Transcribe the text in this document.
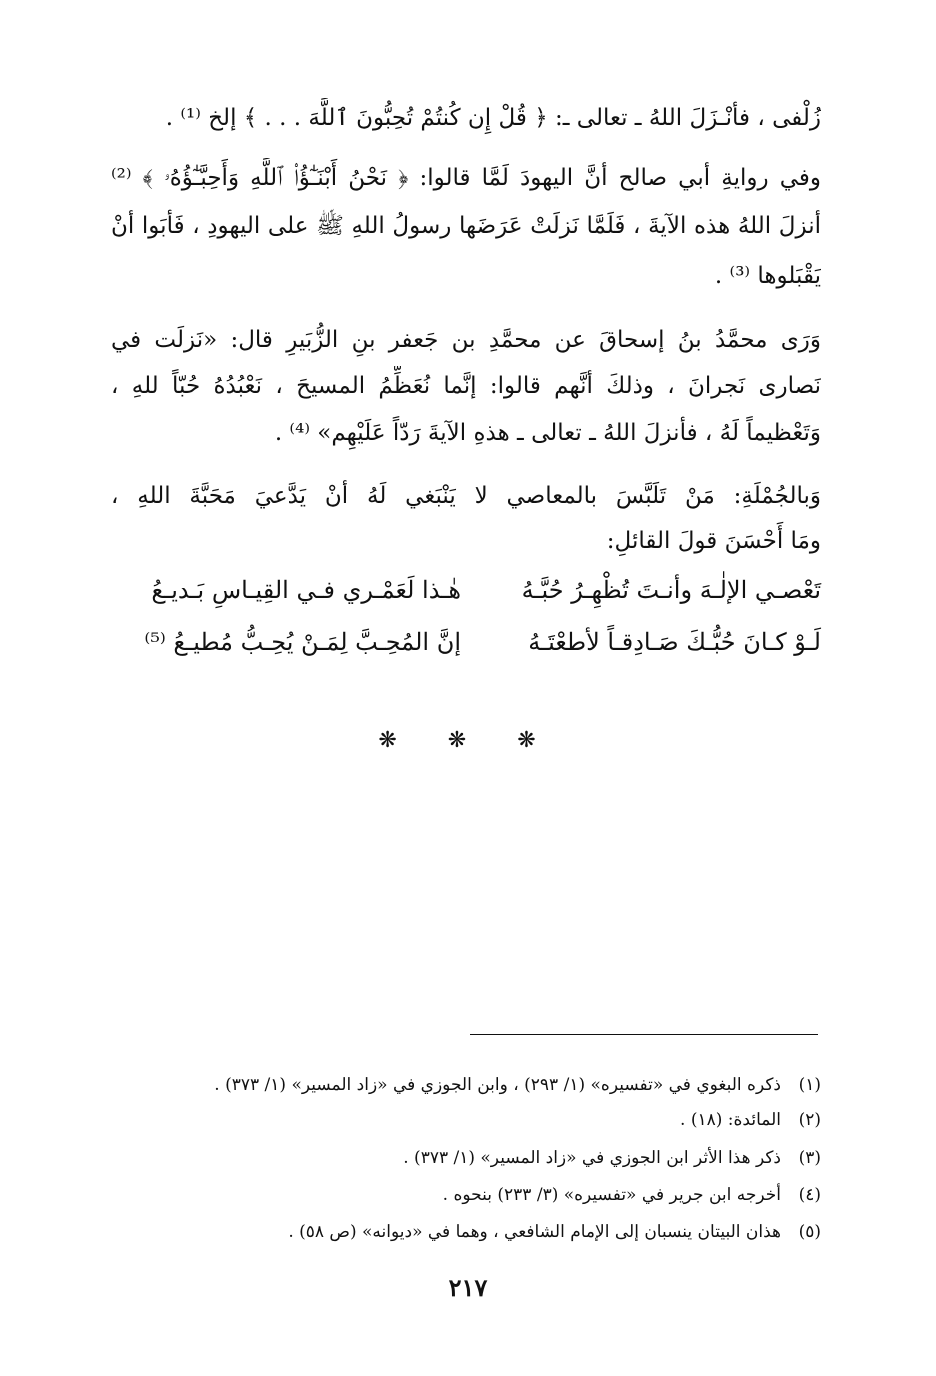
زُلْفى ، فأنْـزَلَ اللهُ ـ تعالى ـ: ﴿ قُلْ إِن كُنتُمْ تُحِبُّونَ ٱللَّهَ . . . ﴾ إلخ ⁽¹⁾ .
وفي روايةِ أبي صالح أنَّ اليهودَ لَمَّا قالوا: ﴿ نَحْنُ أَبْنَـٰٓؤُا۟ ٱللَّهِ وَأَحِبَّـٰٓؤُهُۥ ﴾ ⁽²⁾
أنزلَ اللهُ هذه الآيةَ ، فَلَمَّا نَزلَتْ عَرَضَها رسولُ اللهِ ﷺ على اليهودِ ، فَأبَوا أنْ
يَقْبَلوها ⁽³⁾ .
وَرَى محمَّدُ بنُ إسحاقَ عن محمَّدِ بن جَعفر بنِ الزُّبَيرِ قال: «نَزلَت في
نَصارى نَجرانَ ، وذلكَ أنَّهم قالوا: إنَّما نُعَظِّمُ المسيحَ ، نَعْبُدُهُ حُبّاً للهِ ،
وَتَعْظيماً لَهُ ، فأنزلَ اللهُ ـ تعالى ـ هذهِ الآيةَ رَدّاً عَلَيْهِم» ⁽⁴⁾ .
وَبالجُمْلَةِ: مَنْ تَلَبَّسَ بالمعاصي لا يَنْبَغي لَهُ أنْ يَدَّعيَ مَحَبَّةَ اللهِ ،
ومَا أَحْسَنَ قولَ القائلِ:
تَعْصـي الإلٰـهَ وأنـتَ تُظْهِـرُ حُبَّـهُ
هٰـذا لَعَمْـري فـي القِيـاسِ بَـديـعُ
لَـوْ كـانَ حُبُّـكَ صَـادِقـاً لأطعْتَـهُ
إنَّ المُحِـبَّ لِمَـنْ يُحِـبُّ مُطيـعُ ⁽⁵⁾
❋ ❋ ❋
(١)ذكره البغوي في «تفسيره» (١/ ٢٩٣) ، وابن الجوزي في «زاد المسير» (١/ ٣٧٣) .
(٢)المائدة: (١٨) .
(٣)ذكر هذا الأثر ابن الجوزي في «زاد المسير» (١/ ٣٧٣) .
(٤)أخرجه ابن جرير في «تفسيره» (٣/ ٢٣٣) بنحوه .
(٥)هذان البيتان ينسبان إلى الإمام الشافعي ، وهما في «ديوانه» (ص ٥٨) .
٢١٧
